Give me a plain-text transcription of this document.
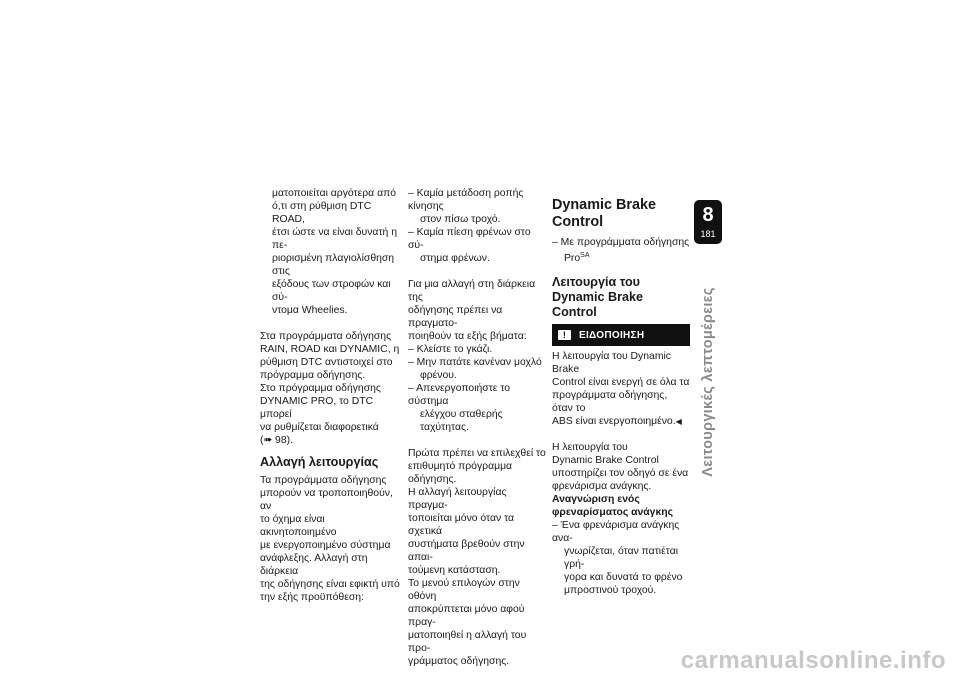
ματοποιείται αργότερα από

ό,τι στη ρύθμιση DTC ROAD,

έτσι ώστε να είναι δυνατή η πε-

ριορισμένη πλαγιολίσθηση στις

εξόδους των στροφών και σύ-

ντομα Wheelies.

Στα προγράμματα οδήγησης

RAIN, ROAD και DYNAMIC, η

ρύθμιση DTC αντιστοιχεί στο

πρόγραμμα οδήγησης.

Στο πρόγραμμα οδήγησης

DYNAMIC PRO, το DTC μπορεί

να ρυθμίζεται διαφορετικά

(➠ 98).

Αλλαγή λειτουργίας

Τα προγράμματα οδήγησης

μπορούν να τροποποιηθούν, αν

το όχημα είναι ακινητοποιημένο

με ενεργοποιημένο σύστημα

ανάφλεξης. Αλλαγή στη διάρκεια

της οδήγησης είναι εφικτή υπό

την εξής προϋπόθεση:

– Καμία μετάδοση ροπής κίνησης

στον πίσω τροχό.

– Καμία πίεση φρένων στο σύ-

στημα φρένων.

Για μια αλλαγή στη διάρκεια της

οδήγησης πρέπει να πραγματο-

ποιηθούν τα εξής βήματα:

– Κλείστε το γκάζι.

– Μην πατάτε κανέναν μοχλό

φρένου.

– Απενεργοποιήστε το σύστημα

ελέγχου σταθερής ταχύτητας.

Πρώτα πρέπει να επιλεχθεί το

επιθυμητό πρόγραμμα οδήγησης.

Η αλλαγή λειτουργίας πραγμα-

τοποιείται μόνο όταν τα σχετικά

συστήματα βρεθούν στην απαι-

τούμενη κατάσταση.

Το μενού επιλογών στην οθόνη

αποκρύπτεται μόνο αφού πραγ-

ματοποιηθεί η αλλαγή του προ-

γράμματος οδήγησης.

Dynamic Brake Control

– Με προγράμματα οδήγησης

Pro$^{SA}$

Λειτουργία του
Dynamic Brake Control
! ΕΙΔΟΠΟΙΗΣΗ

Η λειτουργία του Dynamic Brake

Control είναι ενεργή σε όλα τα

προγράμματα οδήγησης, όταν το

ABS είναι ενεργοποιημένο.◀

Η λειτουργία του

Dynamic Brake Control

υποστηρίζει τον οδηγό σε ένα

φρενάρισμα ανάγκης.

Αναγνώριση ενός
φρεναρίσματος ανάγκης

– Ένα φρενάρισμα ανάγκης ανα-

γνωρίζεται, όταν πατιέται γρή-

γορα και δυνατά το φρένο

μπροστινού τροχού.

8
181
Λειτουργικές λεπτομέρειες
carmanualsonline.info
